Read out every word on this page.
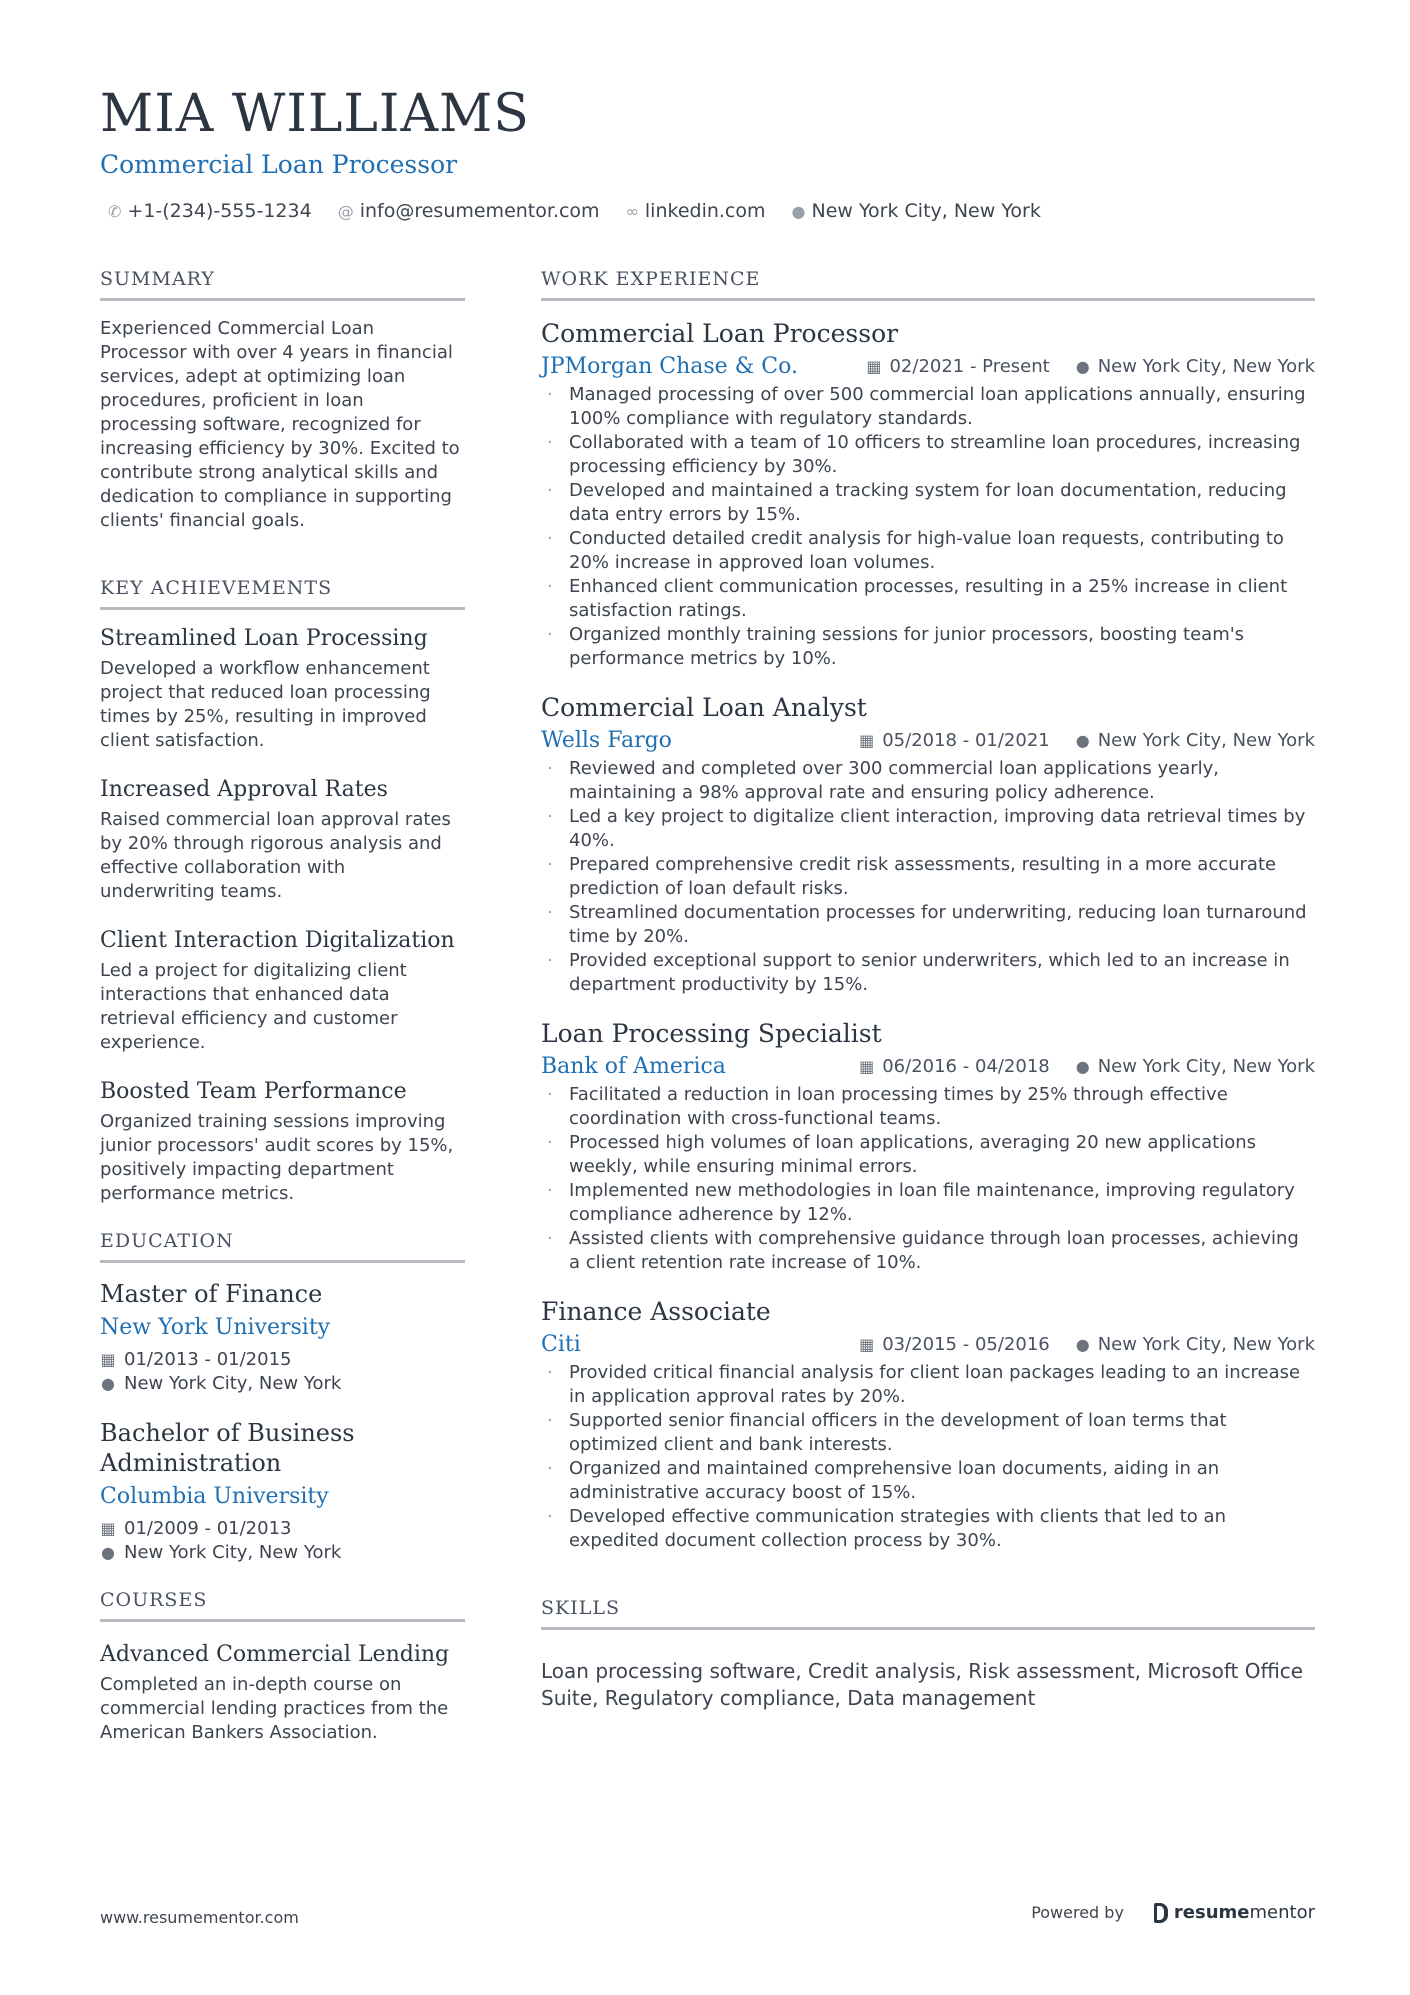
MIA WILLIAMS
Commercial Loan Processor
✆ +1-(234)-555-1234 @ info@resumementor.com ∞ linkedin.com ● New York City, New York
SUMMARY
Experienced Commercial Loan Processor with over 4 years in financial services, adept at optimizing loan procedures, proficient in loan processing software, recognized for increasing efficiency by 30%. Excited to contribute strong analytical skills and dedication to compliance in supporting clients' financial goals.
KEY ACHIEVEMENTS
Streamlined Loan Processing
Developed a workflow enhancement project that reduced loan processing times by 25%, resulting in improved client satisfaction.
Increased Approval Rates
Raised commercial loan approval rates by 20% through rigorous analysis and effective collaboration with underwriting teams.
Client Interaction Digitalization
Led a project for digitalizing client interactions that enhanced data retrieval efficiency and customer experience.
Boosted Team Performance
Organized training sessions improving junior processors' audit scores by 15%, positively impacting department performance metrics.
EDUCATION
Master of Finance
New York University
▦ 01/2013 - 01/2015
● New York City, New York
Bachelor of Business Administration
Columbia University
▦ 01/2009 - 01/2013
● New York City, New York
COURSES
Advanced Commercial Lending
Completed an in-depth course on commercial lending practices from the American Bankers Association.
WORK EXPERIENCE
Commercial Loan Processor
JPMorgan Chase & Co.	▦ 02/2021 - Present ● New York City, New York
· Managed processing of over 500 commercial loan applications annually, ensuring 100% compliance with regulatory standards.
· Collaborated with a team of 10 officers to streamline loan procedures, increasing processing efficiency by 30%.
· Developed and maintained a tracking system for loan documentation, reducing data entry errors by 15%.
· Conducted detailed credit analysis for high-value loan requests, contributing to 20% increase in approved loan volumes.
· Enhanced client communication processes, resulting in a 25% increase in client satisfaction ratings.
· Organized monthly training sessions for junior processors, boosting team's performance metrics by 10%.
Commercial Loan Analyst
Wells Fargo	▦ 05/2018 - 01/2021 ● New York City, New York
· Reviewed and completed over 300 commercial loan applications yearly, maintaining a 98% approval rate and ensuring policy adherence.
· Led a key project to digitalize client interaction, improving data retrieval times by 40%.
· Prepared comprehensive credit risk assessments, resulting in a more accurate prediction of loan default risks.
· Streamlined documentation processes for underwriting, reducing loan turnaround time by 20%.
· Provided exceptional support to senior underwriters, which led to an increase in department productivity by 15%.
Loan Processing Specialist
Bank of America	▦ 06/2016 - 04/2018 ● New York City, New York
· Facilitated a reduction in loan processing times by 25% through effective coordination with cross-functional teams.
· Processed high volumes of loan applications, averaging 20 new applications weekly, while ensuring minimal errors.
· Implemented new methodologies in loan file maintenance, improving regulatory compliance adherence by 12%.
· Assisted clients with comprehensive guidance through loan processes, achieving a client retention rate increase of 10%.
Finance Associate
Citi	▦ 03/2015 - 05/2016 ● New York City, New York
· Provided critical financial analysis for client loan packages leading to an increase in application approval rates by 20%.
· Supported senior financial officers in the development of loan terms that optimized client and bank interests.
· Organized and maintained comprehensive loan documents, aiding in an administrative accuracy boost of 15%.
· Developed effective communication strategies with clients that led to an expedited document collection process by 30%.
SKILLS
Loan processing software, Credit analysis, Risk assessment, Microsoft Office Suite, Regulatory compliance, Data management
www.resumementor.com	Powered by	resumementor
